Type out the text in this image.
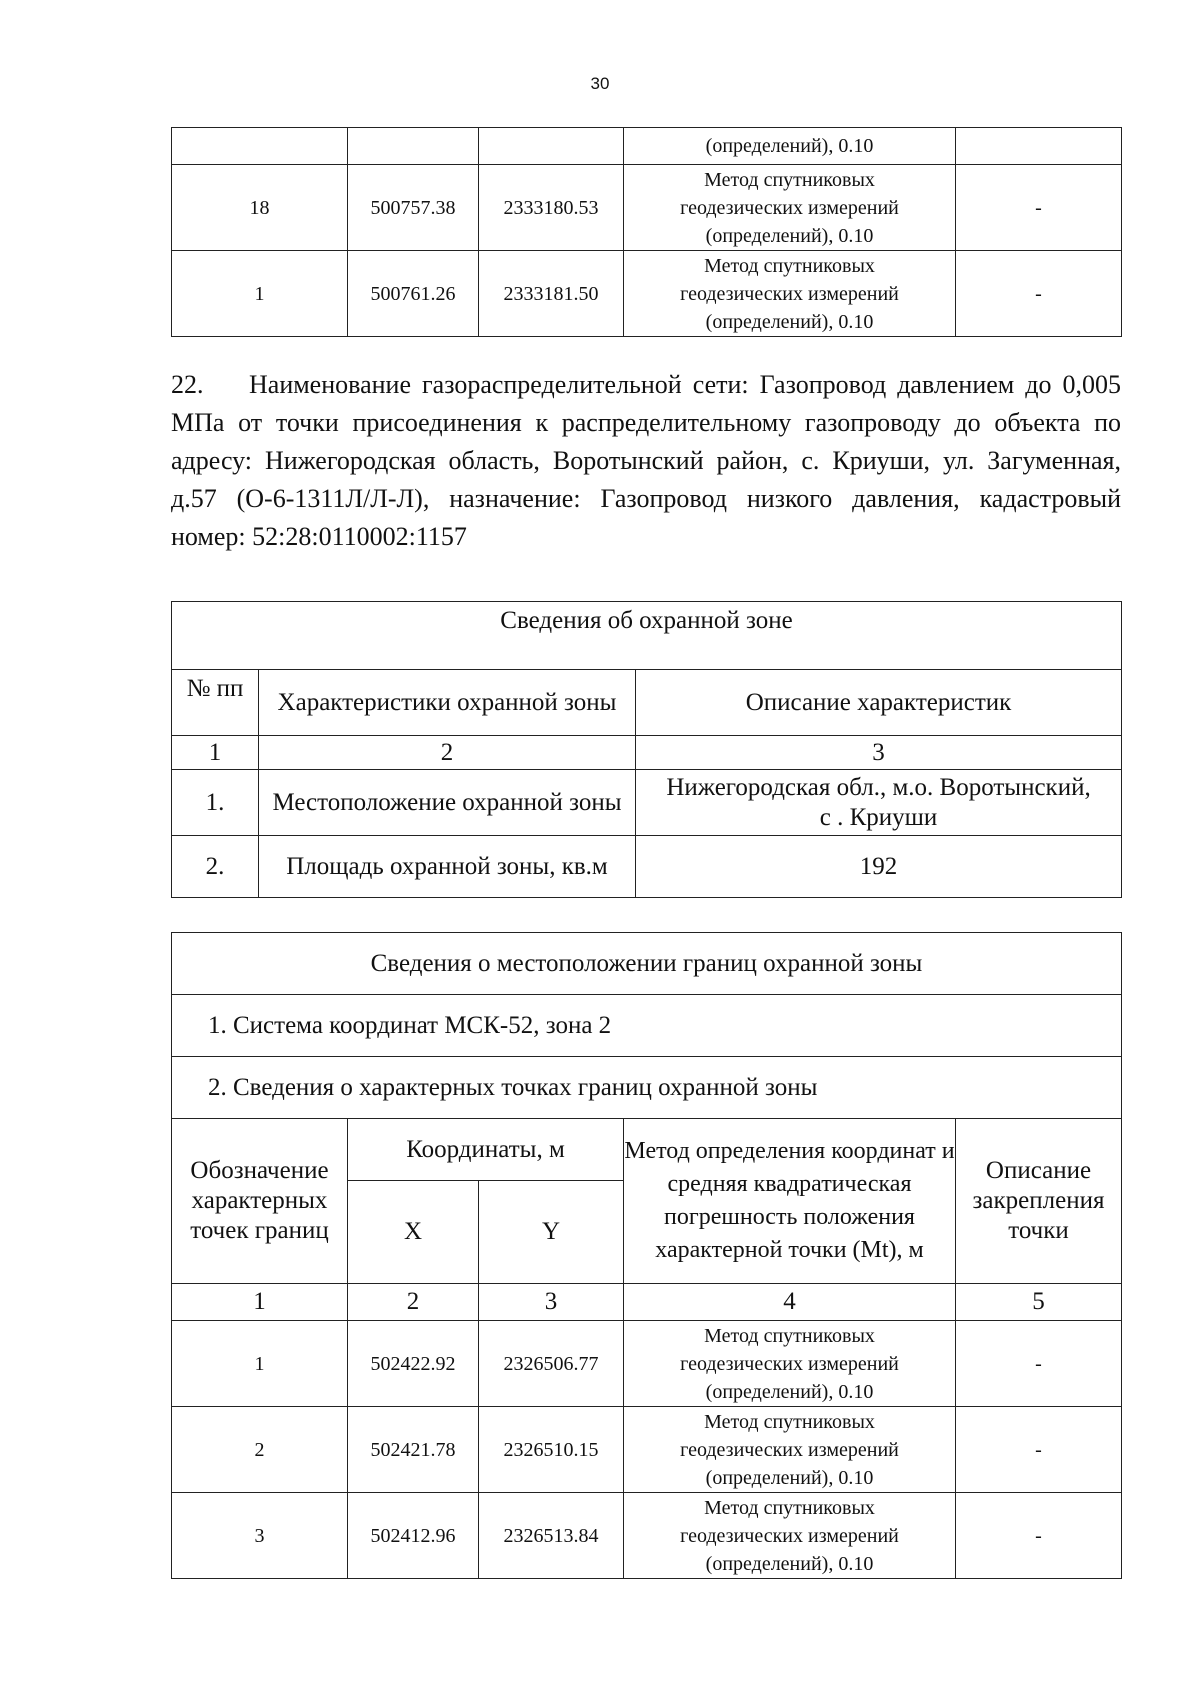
30
			(определений), 0.10	
18	500757.38	2333180.53	Метод спутниковых
геодезических измерений
(определений), 0.10	-
1	500761.26	2333181.50	Метод спутниковых
геодезических измерений
(определений), 0.10	-
22. Наименование газораспределительной сети: Газопровод давлением до 0,005 МПа от точки присоединения к распределительному газопроводу до объекта по адресу: Нижегородская область, Воротынский район, с. Криуши, ул. Загуменная, д.57 (О-6-1311Л/Л-Л), назначение: Газопровод низкого давления, кадастровый номер: 52:28:0110002:1157
Сведения об охранной зоне		
№ пп	Характеристики охранной зоны	Описание характеристик
1	2	3
1.	Местоположение охранной зоны	Нижегородская обл., м.о. Воротынский,
с . Криуши

2.	Площадь охранной зоны, кв.м	192
Сведения о местоположении границ охранной зоны				
1. Система координат МСК-52, зона 2				
2. Сведения о характерных точках границ охранной зоны				
Обозначение характерных точек границ	Координаты, м		Метод определения координат и средняя квадратическая погрешность положения характерной точки (Mt), м	Описание закрепления точки
	X	Y		
1	2	3	4	5
1	502422.92	2326506.77	Метод спутниковых
геодезических измерений
(определений), 0.10	-
2	502421.78	2326510.15	Метод спутниковых
геодезических измерений
(определений), 0.10	-
3	502412.96	2326513.84	Метод спутниковых
геодезических измерений
(определений), 0.10	-
